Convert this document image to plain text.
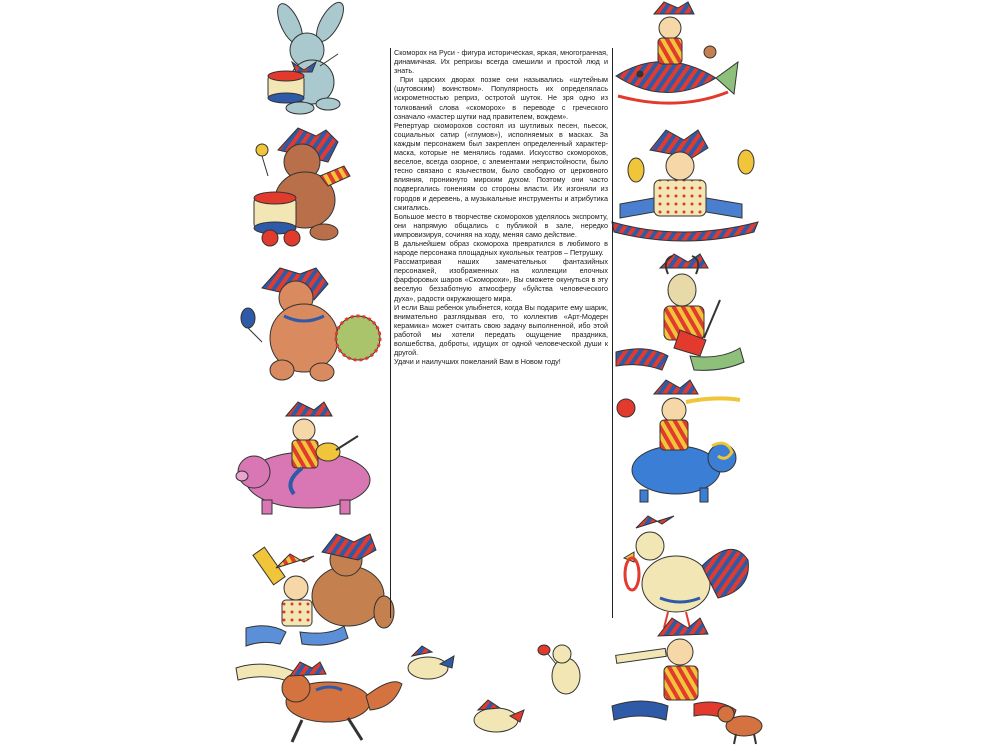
Скоморох на Руси - фигура историческая, яркая, многогранная, динамичная. Их репризы всегда смешили и простой люд и знать.

При царских дворах позже они назывались «шутейным (шутовским) воинством». Популярность их определялась искрометностью реприз, остротой шуток. Не зря одно из толкований слова «скоморох» в переводе с греческого означало «мастер шутки над правителем, вождем».

Репертуар скоморохов состоял из шутливых песен, пьесок, социальных сатир («глумов»), исполняемых в масках. За каждым персонажем был закреплен определенный характер-маска, которые не менялись годами. Искусство скоморохов, веселое, всегда озорное, с элементами непристойности, было тесно связано с язычеством, было свободно от церковного влияния, проникнуто мирским духом. Поэтому они часто подвергались гонениям со стороны власти. Их изгоняли из городов и деревень, а музыкальные инструменты и атрибутика сжигались.

Большое место в творчестве скоморохов уделялось экспромту, они напрямую общались с публикой в зале, нередко импровизируя, сочиняя на ходу, меняя само действие.

В дальнейшем образ скомороха превратился в любимого в народе персонажа площадных кукольных театров – Петрушку.

Рассматривая наших замечательных фантазийных персонажей, изображенных на коллекции елочных фарфоровых шаров «Скоморохи», Вы сможете окунуться в эту веселую беззаботную атмосферу «буйства человеческого духа», радости окружающего мира.

И если Ваш ребенок улыбнется, когда Вы подарите ему шарик, внимательно разглядывая его, то коллектив «Арт-Модерн керамика» может считать свою задачу выполненной, ибо этой работой мы хотели передать ощущение праздника, волшебства, доброты, идущих от одной человеческой души к другой.

Удачи и наилучших пожеланий Вам в Новом году!
